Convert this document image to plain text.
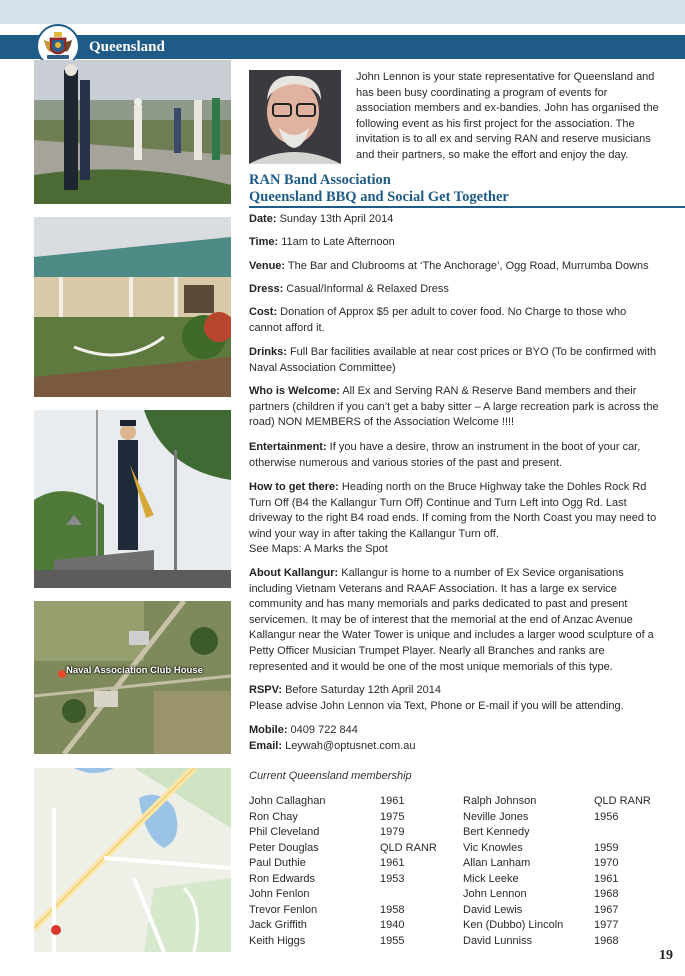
Queensland
Naval Association Club House
John Lennon is your state representative for Queensland and has been busy coordinating a program of events for association members and ex-bandies. John has organised the following event as his first project for the association. The invitation is to all ex and serving RAN and reserve musicians and their partners, so make the effort and enjoy the day.
RAN Band Association
Queensland BBQ and Social Get Together

Date: Sunday 13th April 2014

Time: 11am to Late Afternoon

Venue: The Bar and Clubrooms at ‘The Anchorage’, Ogg Road, Murrumba Downs

Dress: Casual/Informal & Relaxed Dress

Cost: Donation of Approx $5 per adult to cover food. No Charge to those who cannot afford it.

Drinks: Full Bar facilities available at near cost prices or BYO (To be confirmed with Naval Association Committee)

Who is Welcome: All Ex and Serving RAN & Reserve Band members and their partners (children if you can’t get a baby sitter – A large recreation park is across the road) NON MEMBERS of the Association Welcome !!!!

Entertainment: If you have a desire, throw an instrument in the boot of your car, otherwise numerous and various stories of the past and present.

How to get there: Heading north on the Bruce Highway take the Dohles Rock Rd Turn Off (B4 the Kallangur Turn Off) Continue and Turn Left into Ogg Rd. Last driveway to the right B4 road ends. If coming from the North Coast you may need to wind your way in after taking the Kallangur Turn off.

See Maps: A Marks the Spot

About Kallangur: Kallangur is home to a number of Ex Sevice organisations including Vietnam Veterans and RAAF Association. It has a large ex service community and has many memorials and parks dedicated to past and present servicemen. It may be of interest that the memorial at the end of Anzac Avenue Kallangur near the Water Tower is unique and includes a larger wood sculpture of a Petty Officer Musician Trumpet Player. Nearly all Branches and ranks are represented and it would be one of the most unique memorials of this type.

RSPV: Before Saturday 12th April 2014

Please advise John Lennon via Text, Phone or E-mail if you will be attending.

Mobile: 0409 722 844

Email: Leywah@optusnet.com.au

Current Queensland membership
John Callaghan
Ron Chay
Phil Cleveland
Peter Douglas
Paul Duthie
Ron Edwards
John Fenlon
Trevor Fenlon
Jack Griffith
Keith Higgs
1961
1975
1979
QLD RANR
1961
1953
1958
1940
1955
Ralph Johnson
Neville Jones
Bert Kennedy
Vic Knowles
Allan Lanham
Mick Leeke
John Lennon
David Lewis
Ken (Dubbo) Lincoln
David Lunniss
QLD RANR
1956
1959
1970
1961
1968
1967
1977
1968
19
